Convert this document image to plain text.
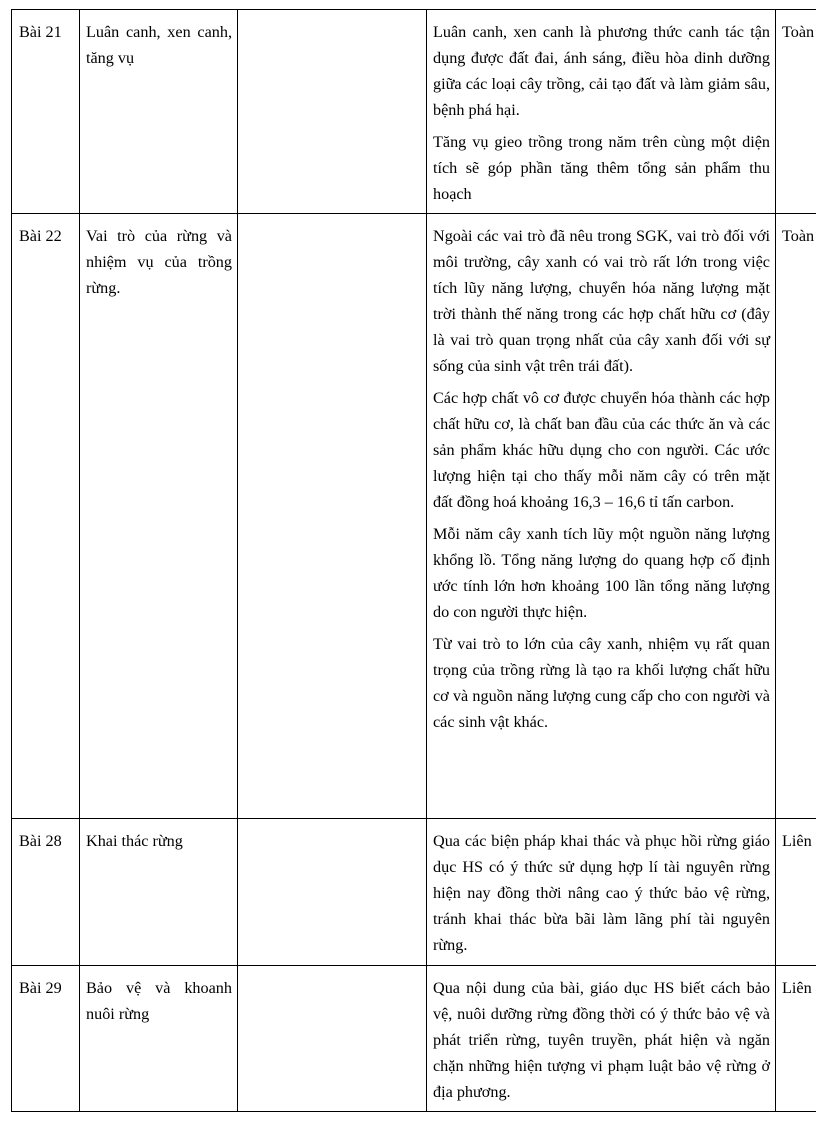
Bài 21	Luân canh, xen canh, tăng vụ		Luân canh, xen canh là phương thức canh tác tận dụng được đất đai, ánh sáng, điều hòa dinh dưỡng giữa các loại cây trồng, cải tạo đất và làm giảm sâu, bệnh phá hại.

Tăng vụ gieo trồng trong năm trên cùng một diện tích sẽ góp phần tăng thêm tổng sản phẩm thu hoạch	Toàn
Bài 22	Vai trò của rừng và nhiệm vụ của trồng rừng.		Ngoài các vai trò đã nêu trong SGK, vai trò đối với môi trường, cây xanh có vai trò rất lớn trong việc tích lũy năng lượng, chuyển hóa năng lượng mặt trời thành thế năng trong các hợp chất hữu cơ (đây là vai trò quan trọng nhất của cây xanh đối với sự sống của sinh vật trên trái đất).

Các hợp chất vô cơ được chuyển hóa thành các hợp chất hữu cơ, là chất ban đầu của các thức ăn và các sản phẩm khác hữu dụng cho con người. Các ước lượng hiện tại cho thấy mỗi năm cây có trên mặt đất đồng hoá khoảng 16,3 – 16,6 tỉ tấn carbon.

Mỗi năm cây xanh tích lũy một nguồn năng lượng khổng lồ. Tổng năng lượng do quang hợp cố định ước tính lớn hơn khoảng 100 lần tổng năng lượng do con người thực hiện.

Từ vai trò to lớn của cây xanh, nhiệm vụ rất quan trọng của trồng rừng là tạo ra khối lượng chất hữu cơ và nguồn năng lượng cung cấp cho con người và các sinh vật khác.	Toàn
Bài 28	Khai thác rừng		Qua các biện pháp khai thác và phục hồi rừng giáo dục HS có ý thức sử dụng hợp lí tài nguyên rừng hiện nay đồng thời nâng cao ý thức bảo vệ rừng, tránh khai thác bừa bãi làm lãng phí tài nguyên rừng.	Liên
Bài 29	Bảo vệ và khoanh nuôi rừng		Qua nội dung của bài, giáo dục HS biết cách bảo vệ, nuôi dưỡng rừng đồng thời có ý thức bảo vệ và phát triển rừng, tuyên truyền, phát hiện và ngăn chặn những hiện tượng vi phạm luật bảo vệ rừng ở địa phương.	Liên
